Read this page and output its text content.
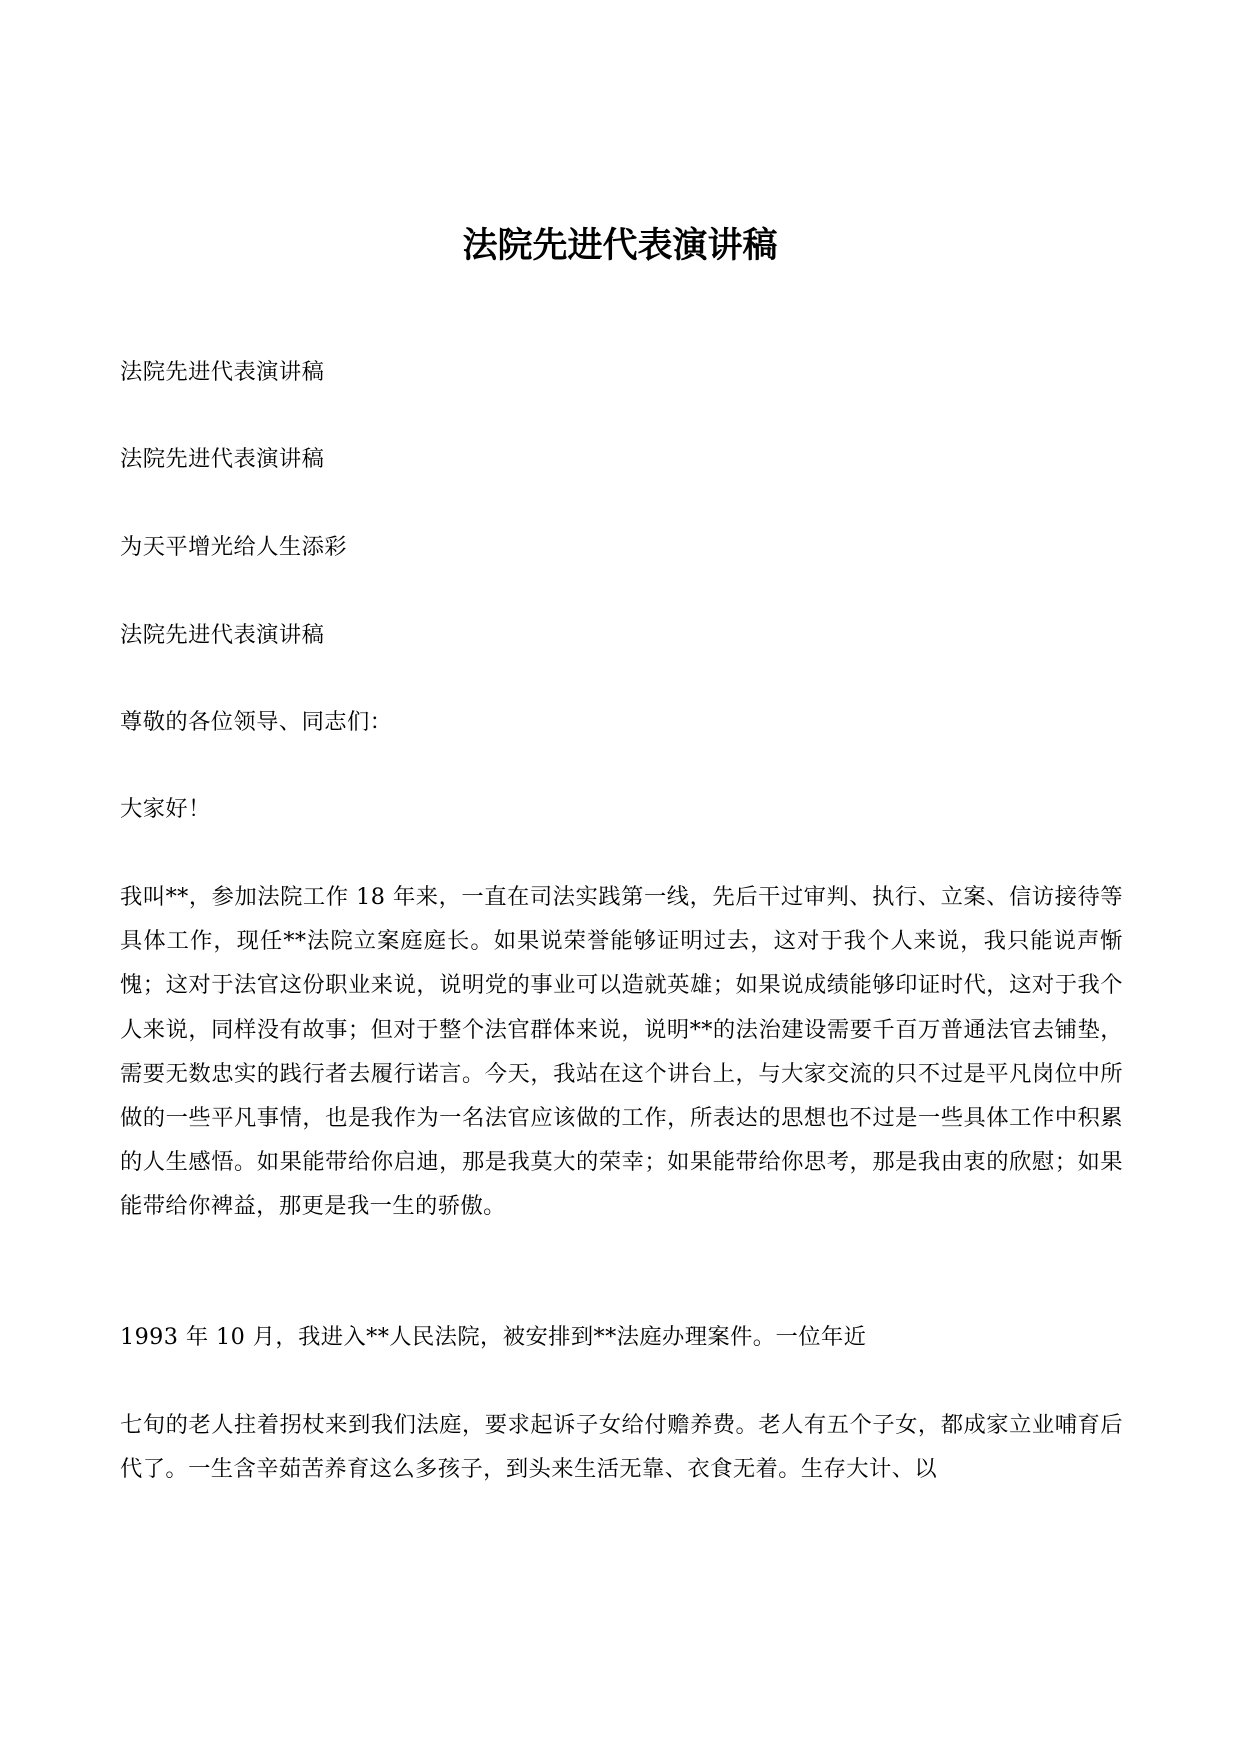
法院先进代表演讲稿

法院先进代表演讲稿

法院先进代表演讲稿

为天平增光给人生添彩

法院先进代表演讲稿

尊敬的各位领导、同志们：

大家好！

我叫**，参加法院工作 18 年来，一直在司法实践第一线，先后干过审判、执行、立案、信访接待等具体工作，现任**法院立案庭庭长。如果说荣誉能够证明过去，这对于我个人来说，我只能说声惭愧；这对于法官这份职业来说，说明党的事业可以造就英雄；如果说成绩能够印证时代，这对于我个人来说，同样没有故事；但对于整个法官群体来说，说明**的法治建设需要千百万普通法官去铺垫，需要无数忠实的践行者去履行诺言。今天，我站在这个讲台上，与大家交流的只不过是平凡岗位中所做的一些平凡事情，也是我作为一名法官应该做的工作，所表达的思想也不过是一些具体工作中积累的人生感悟。如果能带给你启迪，那是我莫大的荣幸；如果能带给你思考，那是我由衷的欣慰；如果能带给你裨益，那更是我一生的骄傲。

1993 年 10 月，我进入**人民法院，被安排到**法庭办理案件。一位年近

七旬的老人拄着拐杖来到我们法庭，要求起诉子女给付赡养费。老人有五个子女，都成家立业哺育后代了。一生含辛茹苦养育这么多孩子，到头来生活无靠、衣食无着。生存大计、以
